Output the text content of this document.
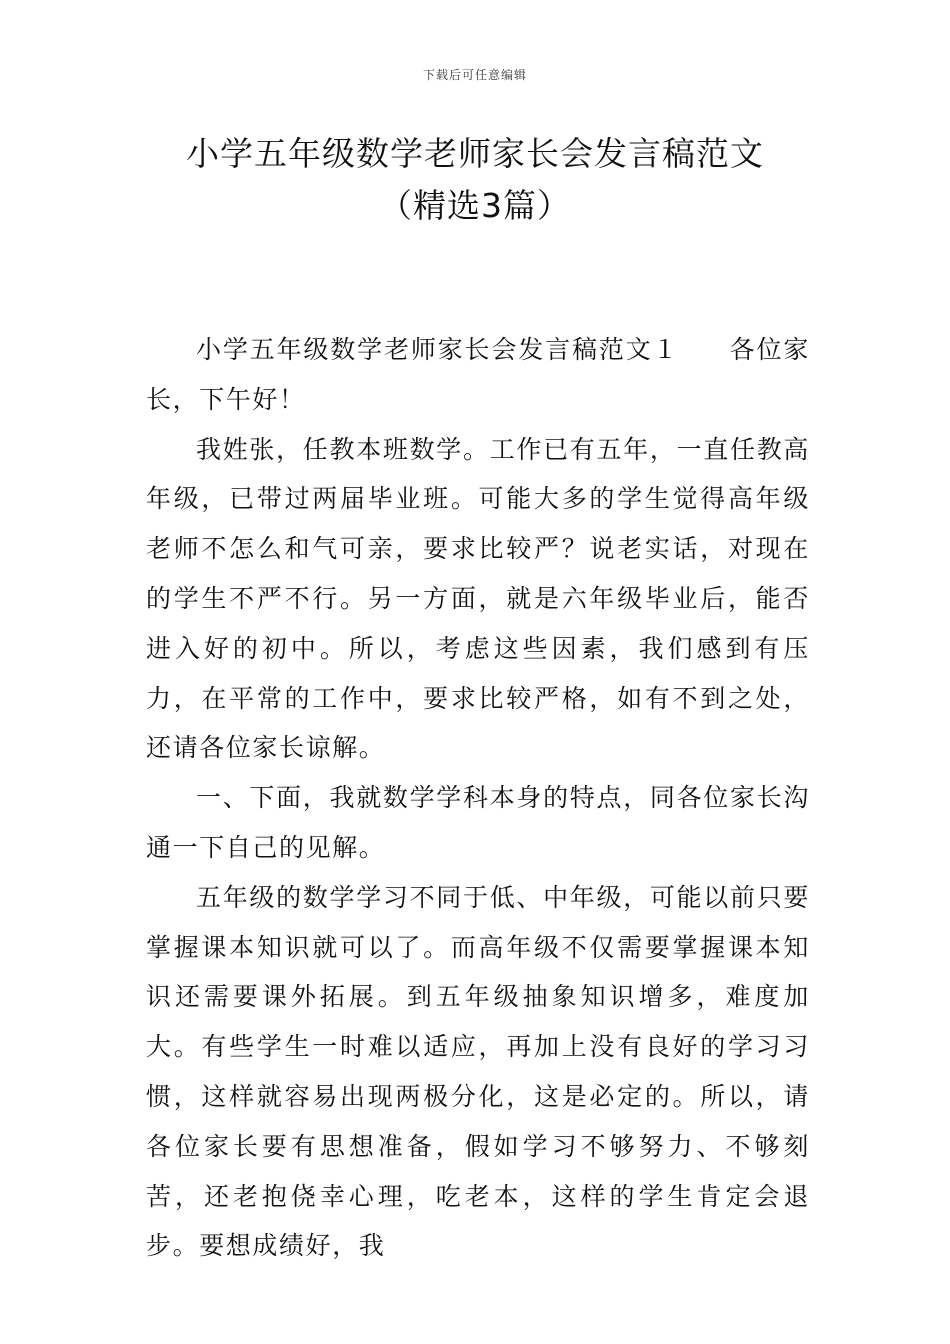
下载后可任意编辑
小学五年级数学老师家长会发言稿范文
（精选3篇）

小学五年级数学老师家长会发言稿范文１ 各位家长，下午好！

我姓张，任教本班数学。工作已有五年，一直任教高年级，已带过两届毕业班。可能大多的学生觉得高年级老师不怎么和气可亲，要求比较严？说老实话，对现在的学生不严不行。另一方面，就是六年级毕业后，能否进入好的初中。所以，考虑这些因素，我们感到有压力，在平常的工作中，要求比较严格，如有不到之处，还请各位家长谅解。

一、下面，我就数学学科本身的特点，同各位家长沟通一下自己的见解。

五年级的数学学习不同于低、中年级，可能以前只要掌握课本知识就可以了。而高年级不仅需要掌握课本知识还需要课外拓展。到五年级抽象知识增多，难度加大。有些学生一时难以适应，再加上没有良好的学习习惯，这样就容易出现两极分化，这是必定的。所以，请各位家长要有思想准备，假如学习不够努力、不够刻苦，还老抱侥幸心理，吃老本，这样的学生肯定会退步。要想成绩好，我
